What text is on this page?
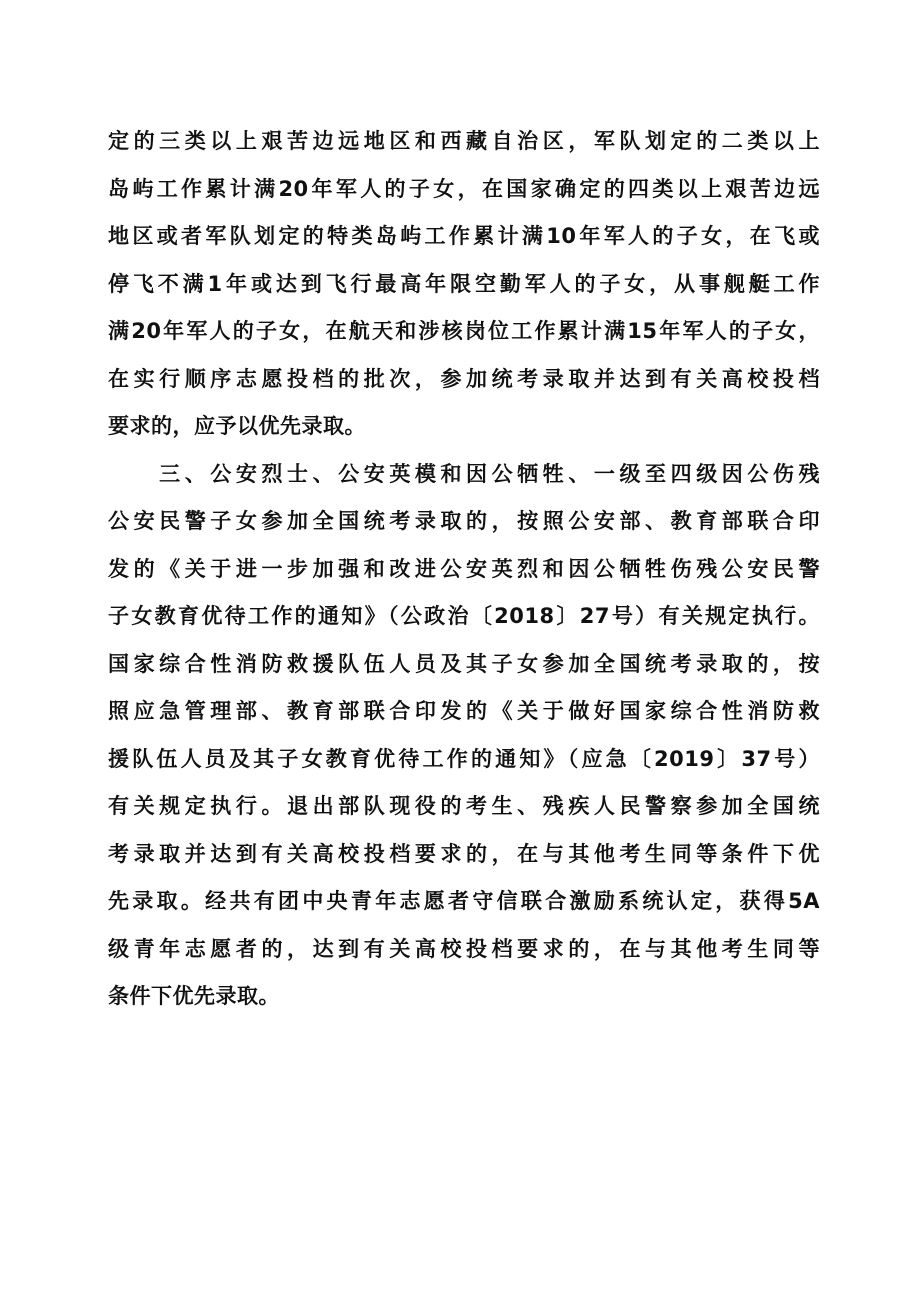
定的三类以上艰苦边远地区和西藏自治区，军队划定的二类以上
岛屿工作累计满20年军人的子女，在国家确定的四类以上艰苦边远
地区或者军队划定的特类岛屿工作累计满10年军人的子女，在飞或
停飞不满1年或达到飞行最高年限空勤军人的子女，从事舰艇工作
满20年军人的子女，在航天和涉核岗位工作累计满15年军人的子女，
在实行顺序志愿投档的批次，参加统考录取并达到有关高校投档
要求的，应予以优先录取。
　　三、公安烈士、公安英模和因公牺牲、一级至四级因公伤残
公安民警子女参加全国统考录取的，按照公安部、教育部联合印
发的《关于进一步加强和改进公安英烈和因公牺牲伤残公安民警
子女教育优待工作的通知》（公政治〔2018〕27号）有关规定执行。
国家综合性消防救援队伍人员及其子女参加全国统考录取的，按
照应急管理部、教育部联合印发的《关于做好国家综合性消防救
援队伍人员及其子女教育优待工作的通知》（应急〔2019〕37号）
有关规定执行。退出部队现役的考生、残疾人民警察参加全国统
考录取并达到有关高校投档要求的，在与其他考生同等条件下优
先录取。经共有团中央青年志愿者守信联合激励系统认定，获得5A
级青年志愿者的，达到有关高校投档要求的，在与其他考生同等
条件下优先录取。
